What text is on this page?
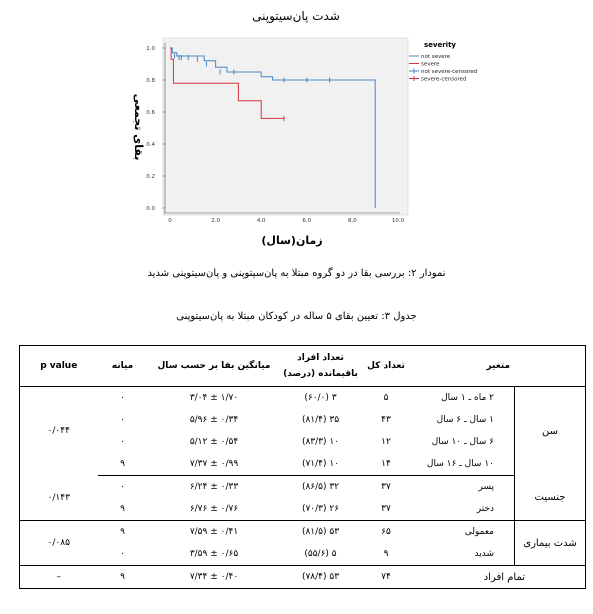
شدت پان‌سیتوپنی
0	2.0	4.0	6.0	8.0	10.0
0.0
0.2
0.4
0.6
0.8
1.0	severity
not severe
severe
not severe-censored
severe-censored
بقای تجمعی
زمان(سال)
نمودار ۲: بررسی بقا در دو گروه مبتلا به پان‌سیتوپنی و پان‌سیتوپنی شدید
جدول ۳: تعیین بقای ۵ ساله در کودکان مبتلا به پان‌سیتوپنی
p value	میانه	میانگین بقا بر حسب سال	تعداد افراد
باقیمانده (درصد)	تعداد کل	متغیر	
۰/۰۴۴	۰	۱/۷۰ ± ۳/۰۴	۳ (۶۰/۰)	۵	۲ ماه ـ ۱ سال	سن
	۰	۰/۳۴ ± ۵/۹۶	۳۵ (۸۱/۴)	۴۳	۱ سال ـ ۶ سال	
	۰	۰/۵۴ ± ۵/۱۲	۱۰ (۸۳/۳)	۱۲	۶ سال ـ ۱۰ سال	
	۹	۰/۹۹ ± ۷/۳۷	۱۰ (۷۱/۴)	۱۴	۱۰ سال ـ ۱۶ سال	
۰/۱۴۳	۰	۰/۳۳ ± ۶/۲۴	۳۲ (۸۶/۵)	۳۷	پسر	جنسیت
	۹	۰/۷۶ ± ۶/۷۶	۲۶ (۷۰/۳)	۳۷	دختر	
۰/۰۸۵	۹	۰/۴۱ ± ۷/۵۹	۵۳ (۸۱/۵)	۶۵	معمولی	شدت بیماری
	۰	۰/۶۵ ± ۳/۵۹	۵ (۵۵/۶)	۹	شدید	
–	۹	۰/۴۰ ± ۷/۳۴	۵۳ (۷۸/۴)	۷۴	تمام افراد	
